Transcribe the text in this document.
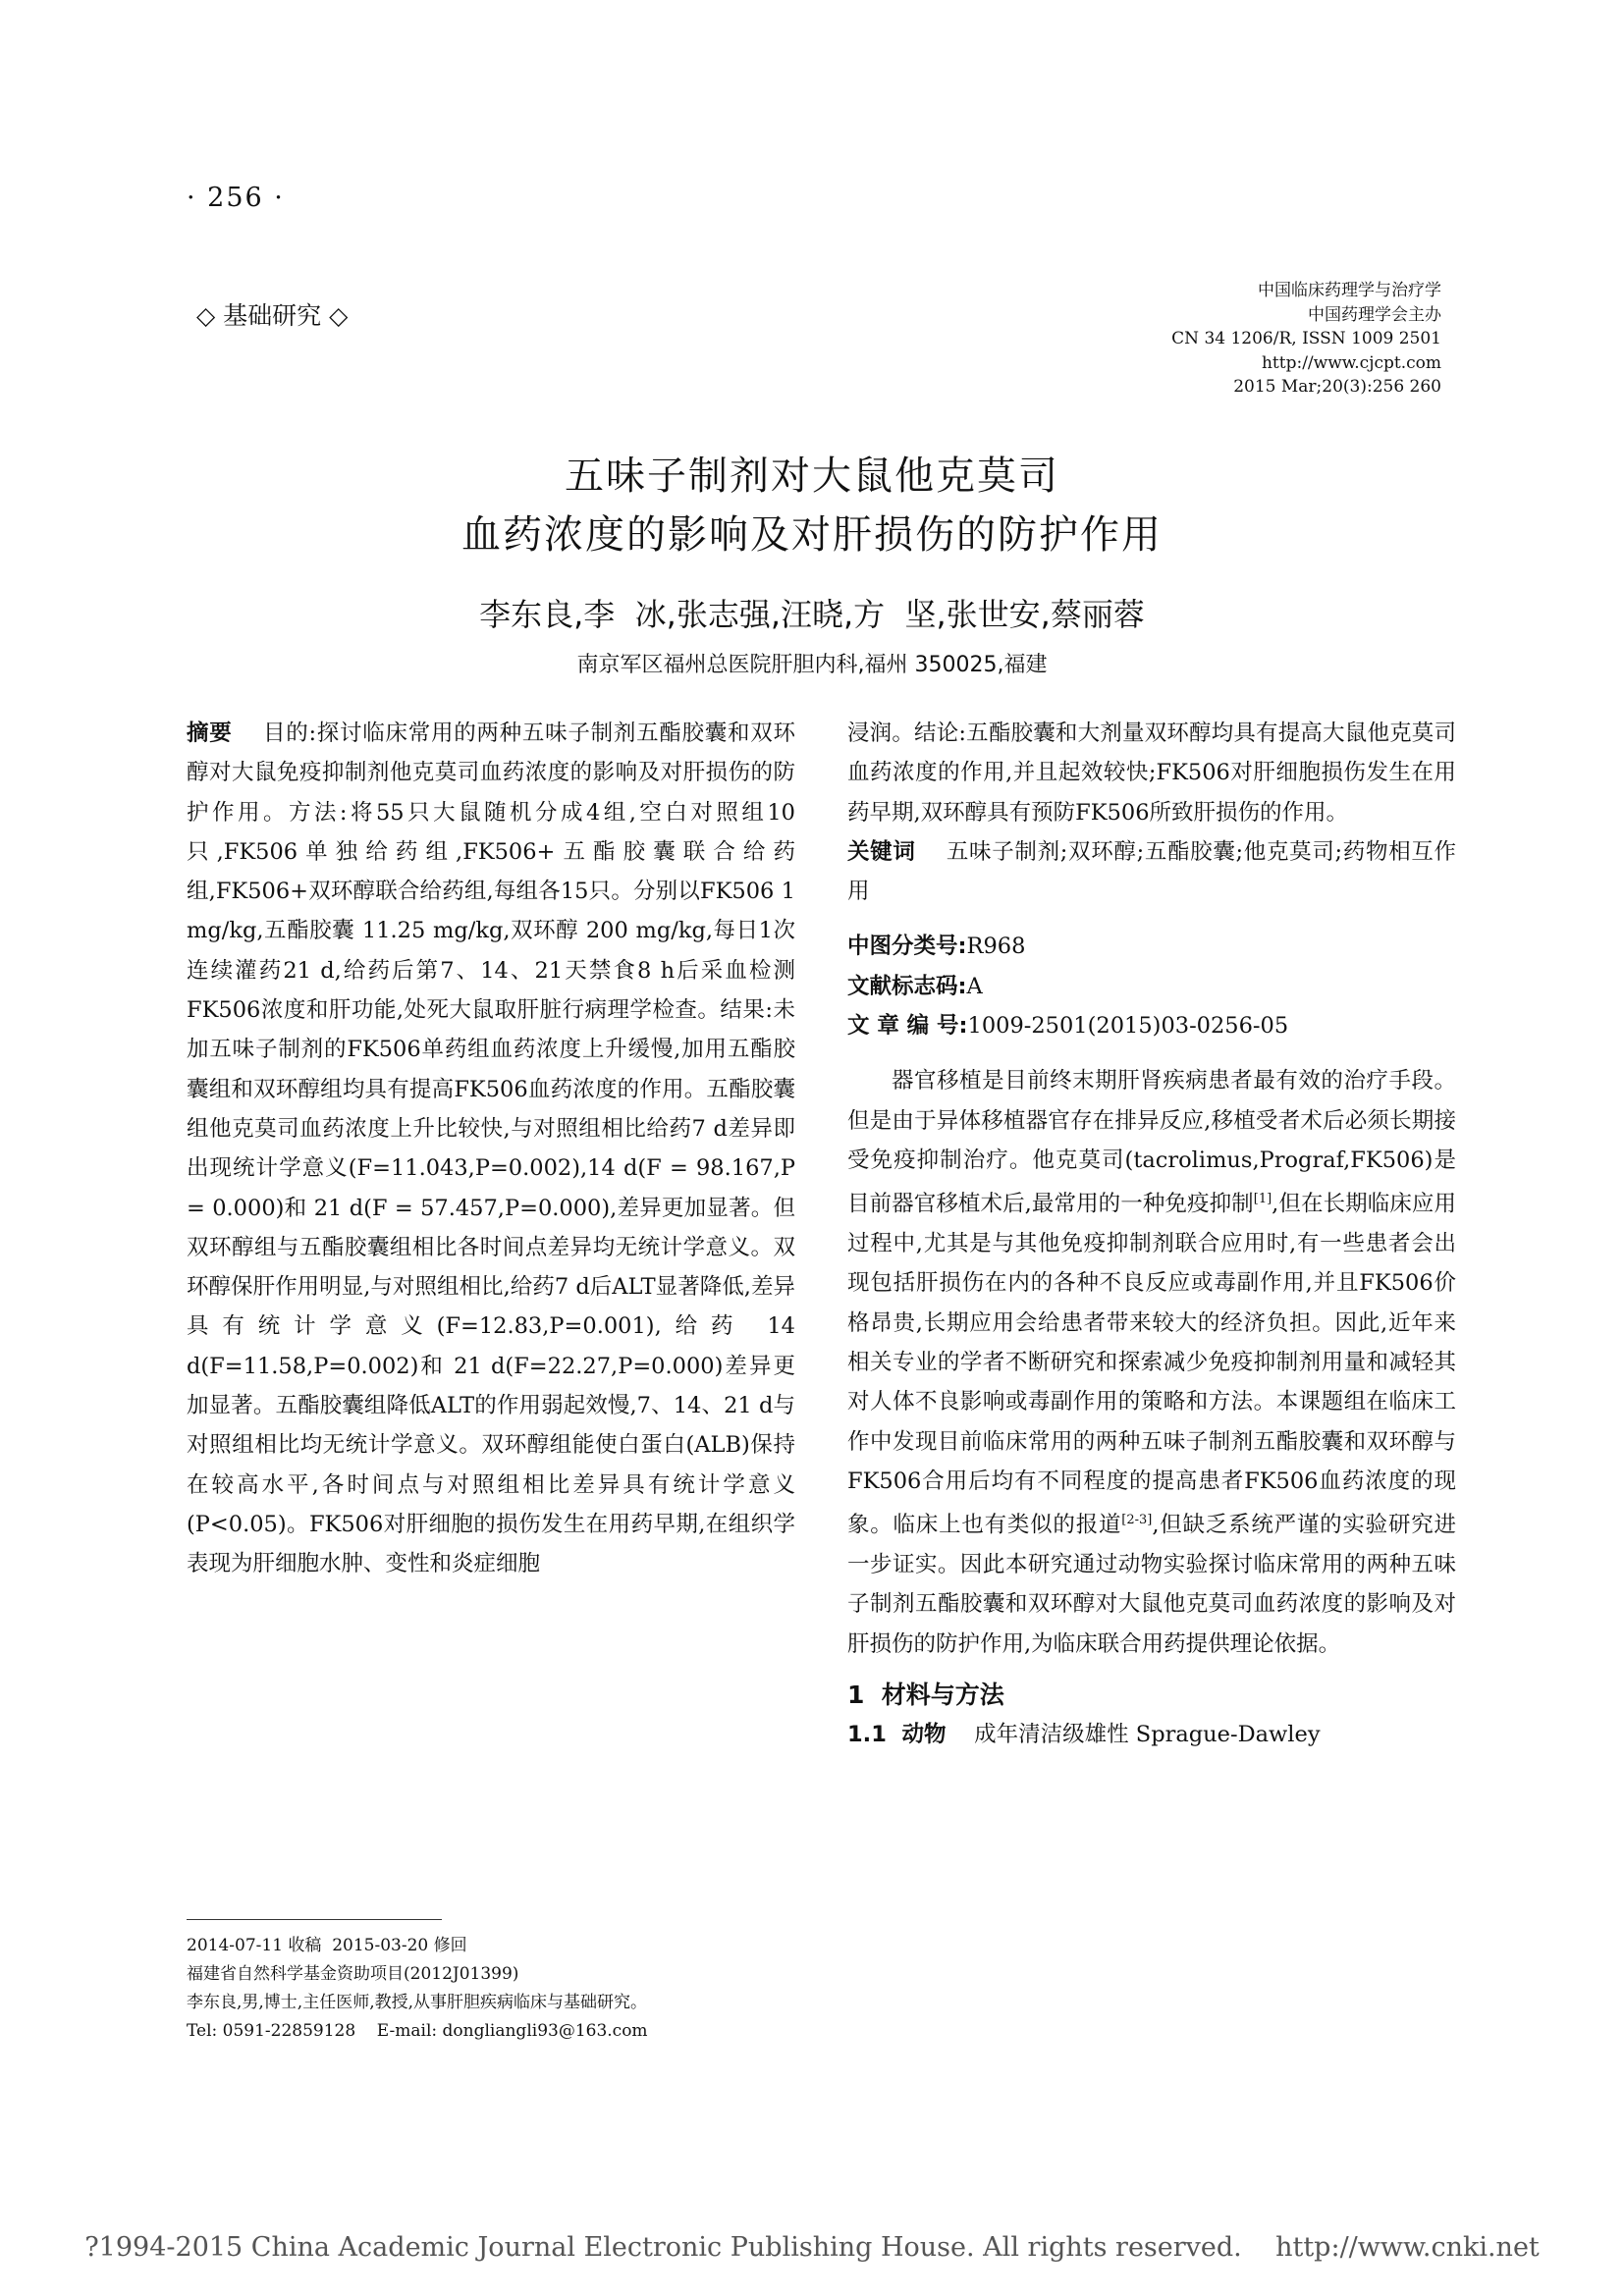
· 256 ·
◇ 基础研究 ◇
中国临床药理学与治疗学
中国药理学会主办
CN 34 1206/R, ISSN 1009 2501
http://www.cjcpt.com
2015 Mar;20(3):256 260
五味子制剂对大鼠他克莫司
血药浓度的影响及对肝损伤的防护作用
李东良,李  冰,张志强,汪晓,方  坚,张世安,蔡丽蓉
南京军区福州总医院肝胆内科,福州 350025,福建
摘要 目的:探讨临床常用的两种五味子制剂五酯胶囊和双环醇对大鼠免疫抑制剂他克莫司血药浓度的影响及对肝损伤的防护作用。方法:将55只大鼠随机分成4组,空白对照组10只,FK506单独给药组,FK506+五酯胶囊联合给药组,FK506+双环醇联合给药组,每组各15只。分别以FK506 1 mg/kg,五酯胶囊 11.25 mg/kg,双环醇 200 mg/kg,每日1次连续灌药21 d,给药后第7、14、21天禁食8 h后采血检测FK506浓度和肝功能,处死大鼠取肝脏行病理学检查。结果:未加五味子制剂的FK506单药组血药浓度上升缓慢,加用五酯胶囊组和双环醇组均具有提高FK506血药浓度的作用。五酯胶囊组他克莫司血药浓度上升比较快,与对照组相比给药7 d差异即出现统计学意义(F=11.043,P=0.002),14 d(F = 98.167,P = 0.000)和 21 d(F = 57.457,P=0.000),差异更加显著。但双环醇组与五酯胶囊组相比各时间点差异均无统计学意义。双环醇保肝作用明显,与对照组相比,给药7 d后ALT显著降低,差异具有统计学意义(F=12.83,P=0.001),给药 14 d(F=11.58,P=0.002)和 21 d(F=22.27,P=0.000)差异更加显著。五酯胶囊组降低ALT的作用弱起效慢,7、14、21 d与对照组相比均无统计学意义。双环醇组能使白蛋白(ALB)保持在较高水平,各时间点与对照组相比差异具有统计学意义(P<0.05)。FK506对肝细胞的损伤发生在用药早期,在组织学表现为肝细胞水肿、变性和炎症细胞
浸润。结论:五酯胶囊和大剂量双环醇均具有提高大鼠他克莫司血药浓度的作用,并且起效较快;FK506对肝细胞损伤发生在用药早期,双环醇具有预防FK506所致肝损伤的作用。
关键词 五味子制剂;双环醇;五酯胶囊;他克莫司;药物相互作用

中图分类号:R968

文献标志码:A

文 章 编 号:1009-2501(2015)03-0256-05

器官移植是目前终末期肝肾疾病患者最有效的治疗手段。但是由于异体移植器官存在排异反应,移植受者术后必须长期接受免疫抑制治疗。他克莫司(tacrolimus,Prograf,FK506)是目前器官移植术后,最常用的一种免疫抑制[1],但在长期临床应用过程中,尤其是与其他免疫抑制剂联合应用时,有一些患者会出现包括肝损伤在内的各种不良反应或毒副作用,并且FK506价格昂贵,长期应用会给患者带来较大的经济负担。因此,近年来相关专业的学者不断研究和探索减少免疫抑制剂用量和减轻其对人体不良影响或毒副作用的策略和方法。本课题组在临床工作中发现目前临床常用的两种五味子制剂五酯胶囊和双环醇与FK506合用后均有不同程度的提高患者FK506血药浓度的现象。临床上也有类似的报道[2-3],但缺乏系统严谨的实验研究进一步证实。因此本研究通过动物实验探讨临床常用的两种五味子制剂五酯胶囊和双环醇对大鼠他克莫司血药浓度的影响及对肝损伤的防护作用,为临床联合用药提供理论依据。
1  材料与方法
1.1  动物 成年清洁级雄性 Sprague-Dawley
2014-07-11 收稿  2015-03-20 修回
福建省自然科学基金资助项目(2012J01399)
李东良,男,博士,主任医师,教授,从事肝胆疾病临床与基础研究。
Tel: 0591-22859128    E-mail: dongliangli93@163.com
?1994-2015 China Academic Journal Electronic Publishing House. All rights reserved.    http://www.cnki.net
